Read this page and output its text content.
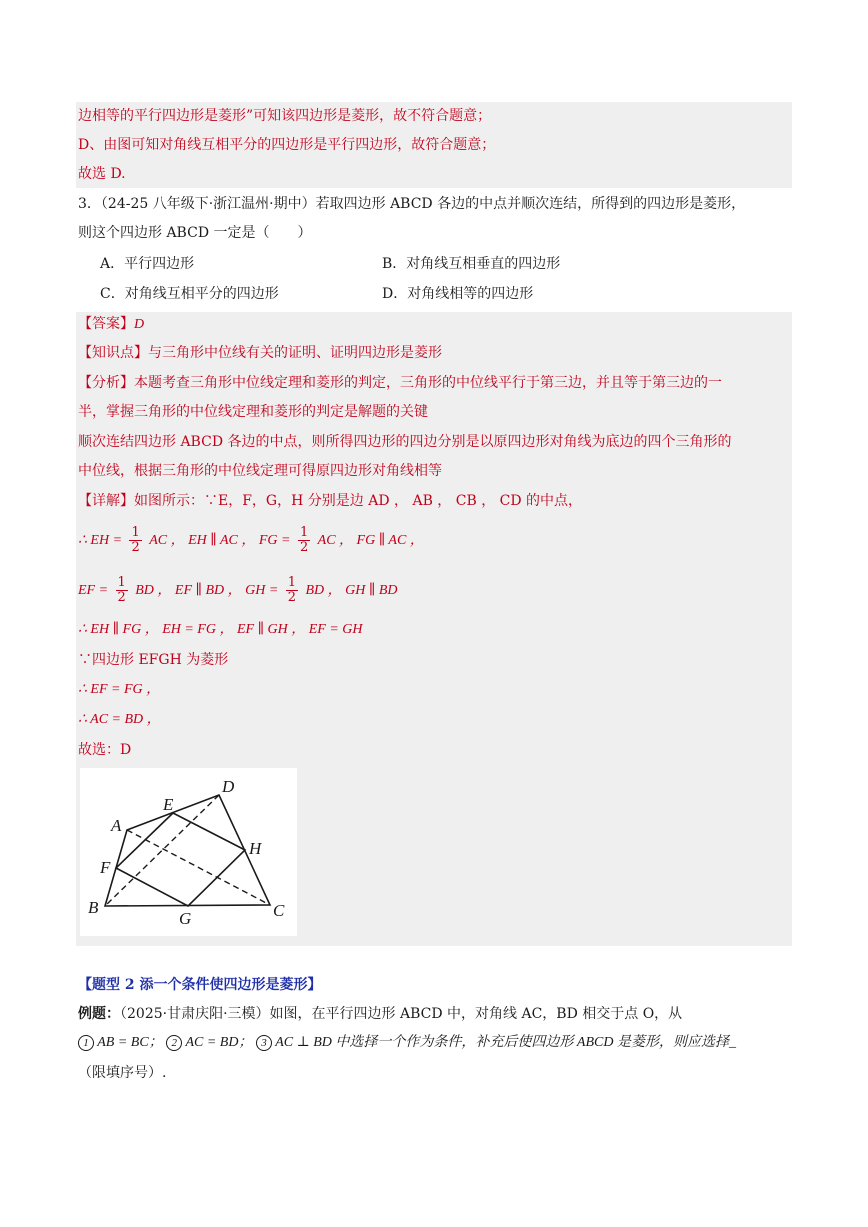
边相等的平行四边形是菱形”可知该四边形是菱形，故不符合题意；
D、由图可知对角线互相平分的四边形是平行四边形，故符合题意；
故选 D.
3．（24-25 八年级下·浙江温州·期中）若取四边形 ABCD 各边的中点并顺次连结，所得到的四边形是菱形，
则这个四边形 ABCD 一定是（　　）
A．平行四边形	B．对角线互相垂直的四边形
C．对角线互相平分的四边形	D．对角线相等的四边形
【答案】D
【知识点】与三角形中位线有关的证明、证明四边形是菱形
【分析】本题考查三角形中位线定理和菱形的判定，三角形的中位线平行于第三边，并且等于第三边的一
半，掌握三角形的中位线定理和菱形的判定是解题的关键
顺次连结四边形 ABCD 各边的中点，则所得四边形的四边分别是以原四边形对角线为底边的四个三角形的
中位线，根据三角形的中位线定理可得原四边形对角线相等
【详解】如图所示：∵E，F，G，H 分别是边 AD ， AB ， CB ， CD 的中点，
∴ EH = $\frac{1}{2}$ AC ， EH ∥ AC ， FG = $\frac{1}{2}$ AC ， FG ∥ AC ，
EF = $\frac{1}{2}$ BD ， EF ∥ BD ， GH = $\frac{1}{2}$ BD ， GH ∥ BD
∴ EH ∥ FG ， EH = FG ， EF ∥ GH ， EF = GH
∵四边形 EFGH 为菱形
∴ EF = FG ，
∴ AC = BD ，
故选：D
A
B	C
D
E
F
G
H
【题型 2 添一个条件使四边形是菱形】
例题：（2025·甘肃庆阳·三模）如图，在平行四边形 ABCD 中，对角线 AC，BD 相交于点 O，从
1 AB = BC； 2 AC = BD； 3 AC ⊥ BD 中选择一个作为条件，补充后使四边形 ABCD 是菱形，则应选择_
（限填序号）.
